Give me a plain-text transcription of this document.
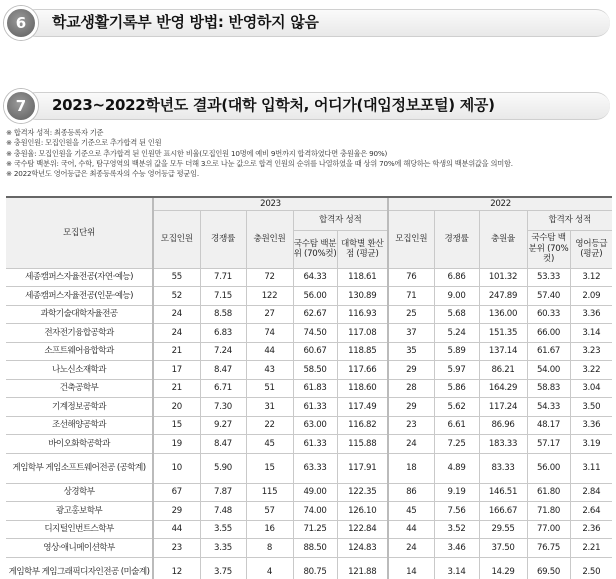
6	학교생활기록부 반영 방법: 반영하지 않음
7	2023~2022학년도 결과(대학 입학처, 어디가(대입정보포털) 제공)

※ 합격자 성적: 최종등록자 기준

※ 충원인원: 모집인원을 기준으로 추가합격 된 인원

※ 충원율: 모집인원을 기준으로 추가합격 된 인원만 표시한 비율(모집인원 10명에 예비 9번까지 합격하였다면 충원율은 90%)

※ 국수탐 백분위: 국어, 수학, 탐구영역의 백분위 값을 모두 더해 3으로 나눈 값으로 합격 인원의 순위를 나열하였을 때 상위 70%에 해당하는 학생의 백분위값을 의미함.

※ 2022학년도 영어등급은 최종등록자의 수능 영어등급 평균임.

모집단위	2023					2022				
	모집인원	경쟁률	충원인원	합격자 성적		모집인원	경쟁률	충원율	합격자 성적	
				국수탐 백분위 (70%컷)	대학별 환산점 (평균)				국수탐 백분위 (70%컷)	영어등급 (평균)
세종캠퍼스자율전공(자연·예능)	55	7.71	72	64.33	118.61	76	6.86	101.32	53.33	3.12
세종캠퍼스자율전공(인문·예능)	52	7.15	122	56.00	130.89	71	9.00	247.89	57.40	2.09
과학기술대학자율전공	24	8.58	27	62.67	116.93	25	5.68	136.00	60.33	3.36
전자전기융합공학과	24	6.83	74	74.50	117.08	37	5.24	151.35	66.00	3.14
소프트웨어융합학과	21	7.24	44	60.67	118.85	35	5.89	137.14	61.67	3.23
나노신소재학과	17	8.47	43	58.50	117.66	29	5.97	86.21	54.00	3.22
건축공학부	21	6.71	51	61.83	118.60	28	5.86	164.29	58.83	3.04
기계정보공학과	20	7.30	31	61.33	117.49	29	5.62	117.24	54.33	3.50
조선해양공학과	15	9.27	22	63.00	116.82	23	6.61	86.96	48.17	3.36
바이오화학공학과	19	8.47	45	61.33	115.88	24	7.25	183.33	57.17	3.19
게임학부 게임소프트웨어전공 (공학계)	10	5.90	15	63.33	117.91	18	4.89	83.33	56.00	3.11
상경학부	67	7.87	115	49.00	122.35	86	9.19	146.51	61.80	2.84
광고홍보학부	29	7.48	57	74.00	126.10	45	7.56	166.67	71.80	2.64
디지털인번트스학부	44	3.55	16	71.25	122.84	44	3.52	29.55	77.00	2.36
영상·애니메이션학부	23	3.35	8	88.50	124.83	24	3.46	37.50	76.75	2.21
게임학부 게임그래픽디자인전공 (미술계)	12	3.75	4	80.75	121.88	14	3.14	14.29	69.50	2.50
